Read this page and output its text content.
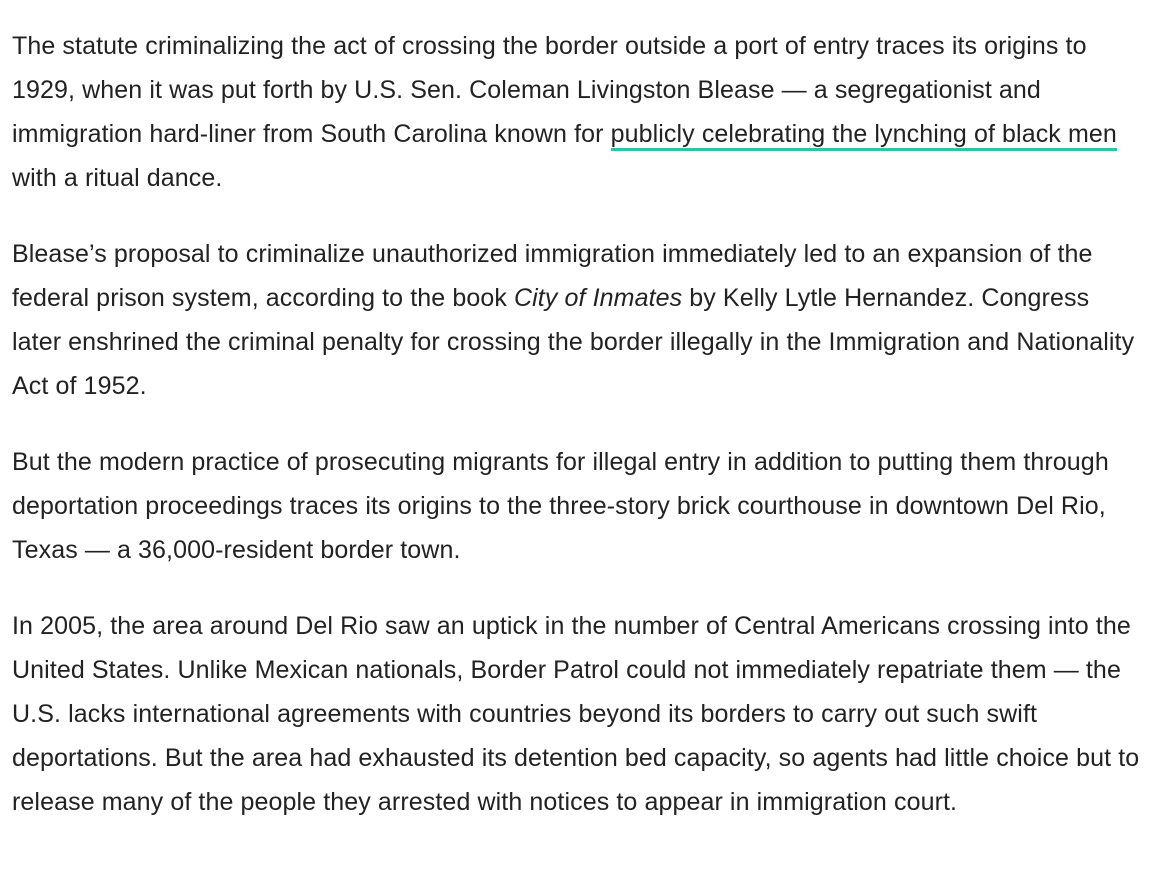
The statute criminalizing the act of crossing the border outside a port of entry traces its origins to 1929, when it was put forth by U.S. Sen. Coleman Livingston Blease — a segregationist and immigration hard-liner from South Carolina known for publicly celebrating the lynching of black men with a ritual dance.

Blease’s proposal to criminalize unauthorized immigration immediately led to an expansion of the federal prison system, according to the book City of Inmates by Kelly Lytle Hernandez. Congress later enshrined the criminal penalty for crossing the border illegally in the Immigration and Nationality Act of 1952.

But the modern practice of prosecuting migrants for illegal entry in addition to putting them through deportation proceedings traces its origins to the three-story brick courthouse in downtown Del Rio, Texas — a 36,000-resident border town.

In 2005, the area around Del Rio saw an uptick in the number of Central Americans crossing into the United States. Unlike Mexican nationals, Border Patrol could not immediately repatriate them — the U.S. lacks international agreements with countries beyond its borders to carry out such swift deportations. But the area had exhausted its detention bed capacity, so agents had little choice but to release many of the people they arrested with notices to appear in immigration court.
